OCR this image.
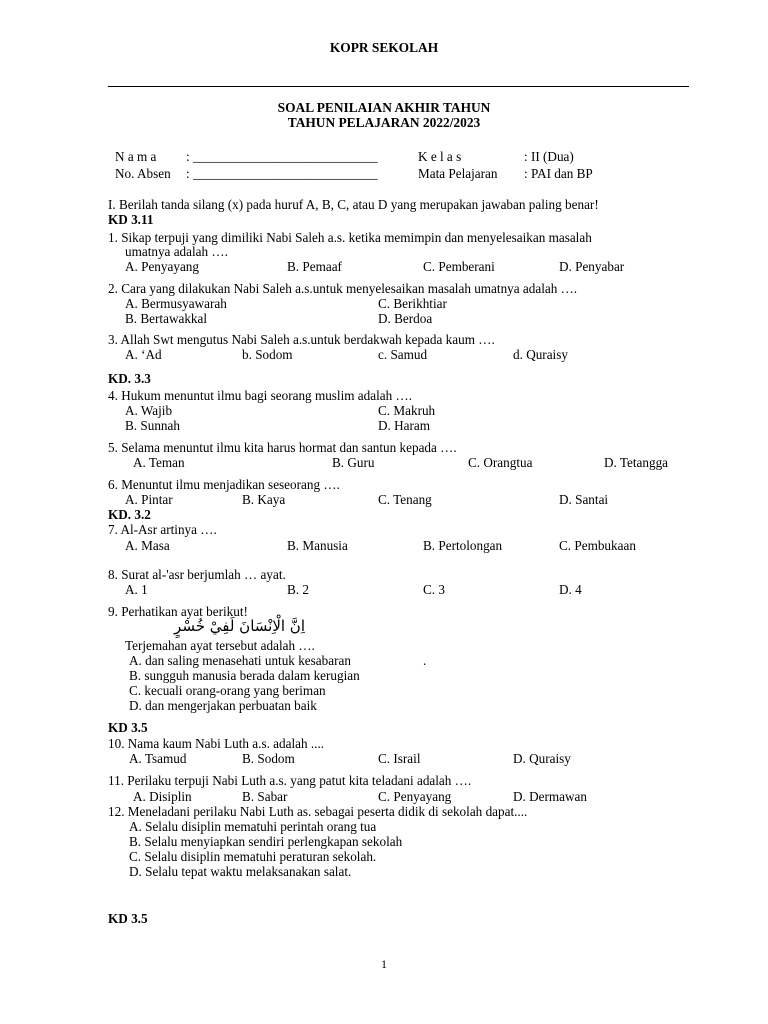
KOPR SEKOLAH
SOAL PENILAIAN AKHIR TAHUN
TAHUN PELAJARAN 2022/2023
N a m a : ____________________________
No. Absen : ____________________________
K e l a s	: II (Dua)
Mata Pelajaran : PAI dan BP
I. Berilah tanda silang (x) pada huruf A, B, C, atau D yang merupakan jawaban paling benar!
KD 3.11
1. Sikap terpuji yang dimiliki Nabi Saleh a.s. ketika memimpin dan menyelesaikan masalah
umatnya adalah ….
A. Penyayang	B. Pemaaf	C. Pemberani	D. Penyabar
2. Cara yang dilakukan Nabi Saleh a.s.untuk menyelesaikan masalah umatnya adalah ….
A. Bermusyawarah
B. Bertawakkal
C. Berikhtiar
D. Berdoa
3. Allah Swt mengutus Nabi Saleh a.s.untuk berdakwah kepada kaum ….
A. ‘Ad	b. Sodom	c. Samud	d. Quraisy
KD. 3.3
4. Hukum menuntut ilmu bagi seorang muslim adalah ….
A. Wajib
B. Sunnah
C. Makruh
D. Haram
5. Selama menuntut ilmu kita harus hormat dan santun kepada ….
A. Teman	B. Guru	C. Orangtua	D. Tetangga
6. Menuntut ilmu menjadikan seseorang ….
A. Pintar	B. Kaya	C. Tenang	D. Santai
KD. 3.2
7. Al-Asr artinya ….
A. Masa	B. Manusia	B. Pertolongan	C. Pembukaan
8. Surat al-'asr berjumlah … ayat.
A. 1	B. 2	C. 3	D. 4
9. Perhatikan ayat berikut!
اِنَّ الْاِنْسَانَ لَفِيْ خُسْرٍ
Terjemahan ayat tersebut adalah ….
A. dan saling menasehati untuk kesabaran	.
B. sungguh manusia berada dalam kerugian
C. kecuali orang-orang yang beriman
D. dan mengerjakan perbuatan baik
KD 3.5
10. Nama kaum Nabi Luth a.s. adalah ....
A. Tsamud	B. Sodom	C. Israil	D. Quraisy
11. Perilaku terpuji Nabi Luth a.s. yang patut kita teladani adalah ….
A. Disiplin	B. Sabar	C. Penyayang	D. Dermawan
12. Meneladani perilaku Nabi Luth as. sebagai peserta didik di sekolah dapat....
A. Selalu disiplin mematuhi perintah orang tua
B. Selalu menyiapkan sendiri perlengkapan sekolah
C. Selalu disiplin mematuhi peraturan sekolah.
D. Selalu tepat waktu melaksanakan salat.
KD 3.5
1
